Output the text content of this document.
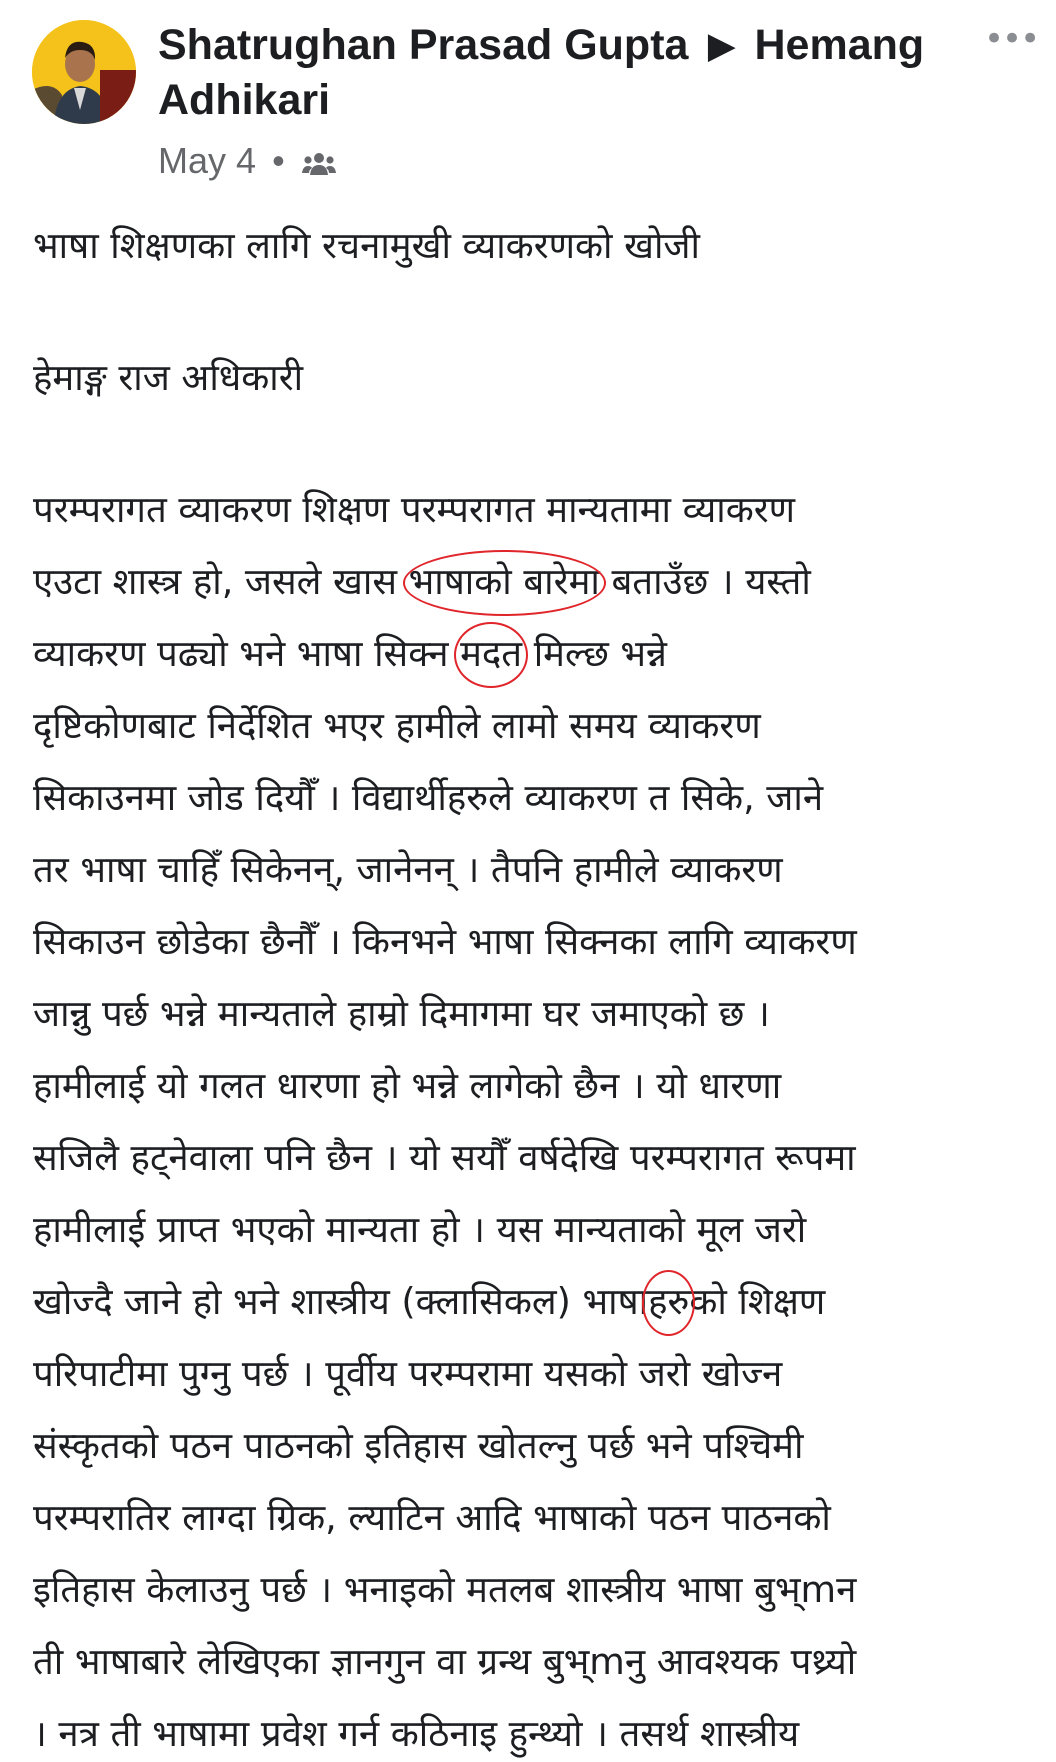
Shatrughan Prasad Gupta ▶ Hemang
Adhikari
•••
May 4 •

भाषा शिक्षणका लागि रचनामुखी व्याकरणको खोजी

हेमाङ्ग राज अधिकारी

परम्परागत व्याकरण शिक्षण परम्परागत मान्यतामा व्याकरण
एउटा शास्त्र हो, जसले खास भाषाको बारेमा बताउँछ । यस्तो
व्याकरण पढ्यो भने भाषा सिक्न मदत मिल्छ भन्ने
दृष्टिकोणबाट निर्देशित भएर हामीले लामो समय व्याकरण
सिकाउनमा जोड दियौँ । विद्यार्थीहरुले व्याकरण त सिके, जाने
तर भाषा चाहिँ सिकेनन्, जानेनन् । तैपनि हामीले व्याकरण
सिकाउन छोडेका छैनौँ । किनभने भाषा सिक्नका लागि व्याकरण
जान्नु पर्छ भन्ने मान्यताले हाम्रो दिमागमा घर जमाएको छ ।
हामीलाई यो गलत धारणा हो भन्ने लागेको छैन । यो धारणा
सजिलै हट्नेवाला पनि छैन । यो सयौँ वर्षदेखि परम्परागत रूपमा
हामीलाई प्राप्त भएको मान्यता हो । यस मान्यताको मूल जरो
खोज्दै जाने हो भने शास्त्रीय (क्लासिकल) भाषाहरुको शिक्षण
परिपाटीमा पुग्नु पर्छ । पूर्वीय परम्परामा यसको जरो खोज्न
संस्कृतको पठन पाठनको इतिहास खोतल्नु पर्छ भने पश्चिमी
परम्परातिर लाग्दा ग्रिक, ल्याटिन आदि भाषाको पठन पाठनको
इतिहास केलाउनु पर्छ । भनाइको मतलब शास्त्रीय भाषा बुभ्mन
ती भाषाबारे लेखिएका ज्ञानगुन वा ग्रन्थ बुभ्mनु आवश्यक पथ्र्यो
। नत्र ती भाषामा प्रवेश गर्न कठिनाइ हुन्थ्यो । तसर्थ शास्त्रीय
